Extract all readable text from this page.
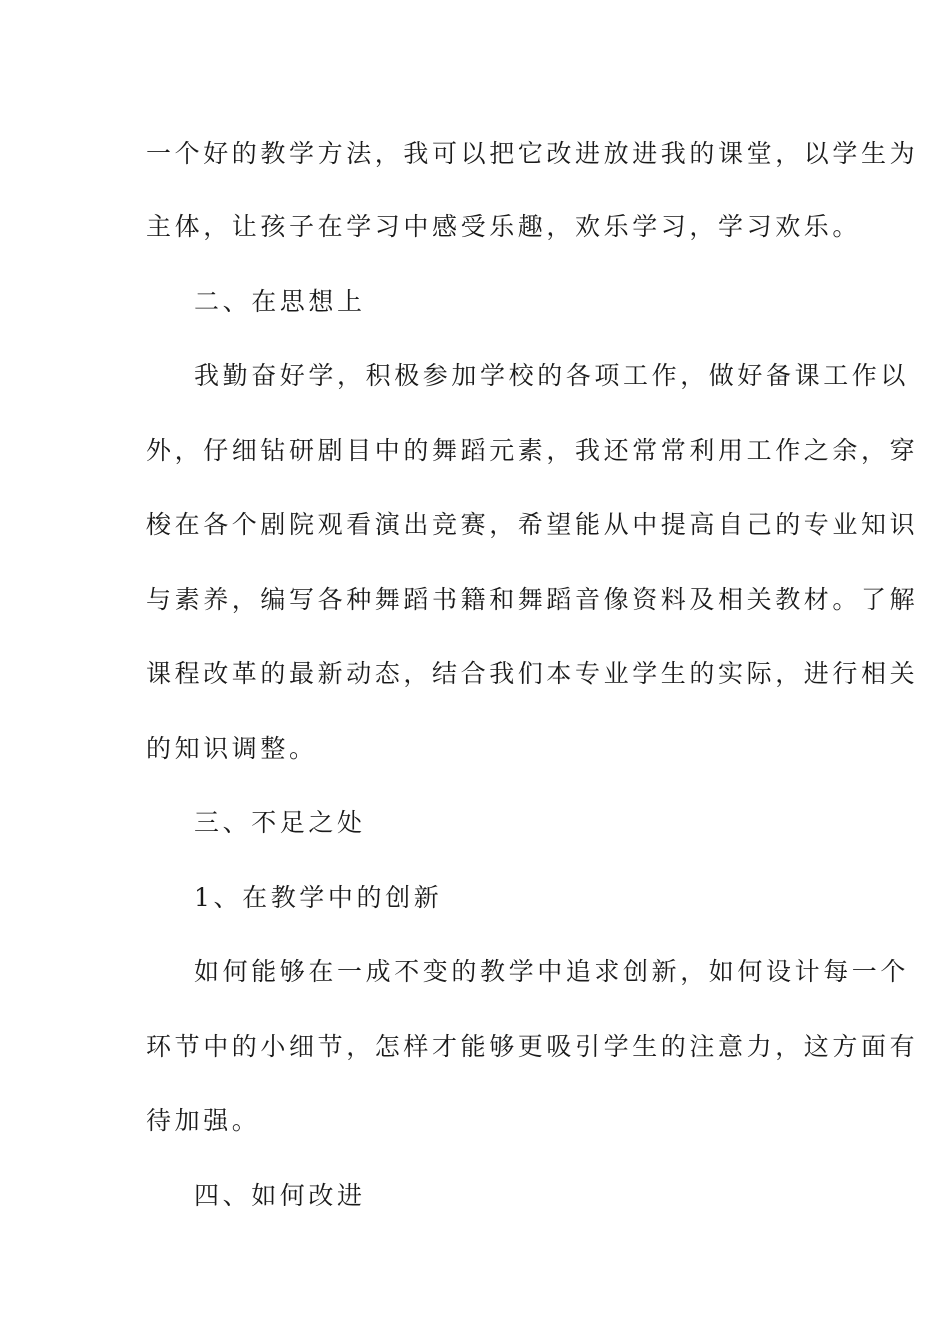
一个好的教学方法，我可以把它改进放进我的课堂，以学生为
主体，让孩子在学习中感受乐趣，欢乐学习，学习欢乐。
二、在思想上
我勤奋好学，积极参加学校的各项工作，做好备课工作以
外，仔细钻研剧目中的舞蹈元素，我还常常利用工作之余，穿
梭在各个剧院观看演出竞赛，希望能从中提高自己的专业知识
与素养，编写各种舞蹈书籍和舞蹈音像资料及相关教材。了解
课程改革的最新动态，结合我们本专业学生的实际，进行相关
的知识调整。
三、不足之处
1、在教学中的创新
如何能够在一成不变的教学中追求创新，如何设计每一个
环节中的小细节，怎样才能够更吸引学生的注意力，这方面有
待加强。
四、如何改进
